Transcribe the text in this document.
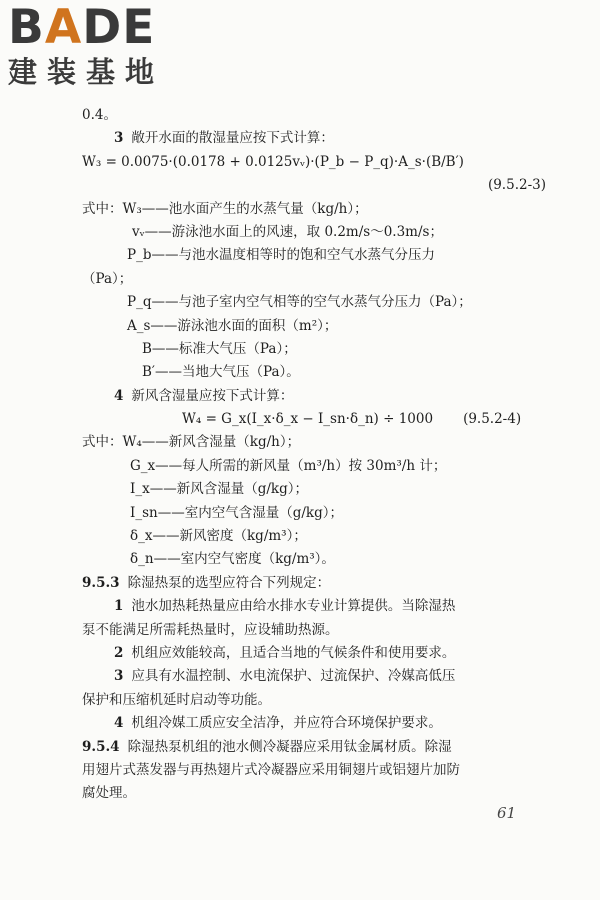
BADE
建装基地
0.4。
3 敞开水面的散湿量应按下式计算：
W₃ = 0.0075·(0.0178 + 0.0125vᵥ)·(P_b − P_q)·A_s·(B/B′)
(9.5.2-3)
式中：W₃——池水面产生的水蒸气量（kg/h）；
vᵥ——游泳池水面上的风速，取 0.2m/s～0.3m/s；
P_b——与池水温度相等时的饱和空气水蒸气分压力
（Pa）；
P_q——与池子室内空气相等的空气水蒸气分压力（Pa）；
A_s——游泳池水面的面积（m²）；
B——标准大气压（Pa）；
B′——当地大气压（Pa）。
4 新风含湿量应按下式计算：
W₄ = G_x(I_x·δ_x − I_sn·δ_n) ÷ 1000 (9.5.2-4)
式中：W₄——新风含湿量（kg/h）；
G_x——每人所需的新风量（m³/h）按 30m³/h 计；
I_x——新风含湿量（g/kg）；
I_sn——室内空气含湿量（g/kg）；
δ_x——新风密度（kg/m³）；
δ_n——室内空气密度（kg/m³）。
9.5.3 除湿热泵的选型应符合下列规定：
1 池水加热耗热量应由给水排水专业计算提供。当除湿热
泵不能满足所需耗热量时，应设辅助热源。
2 机组应效能较高，且适合当地的气候条件和使用要求。
3 应具有水温控制、水电流保护、过流保护、冷媒高低压
保护和压缩机延时启动等功能。
4 机组冷媒工质应安全洁净，并应符合环境保护要求。
9.5.4 除湿热泵机组的池水侧冷凝器应采用钛金属材质。除湿
用翅片式蒸发器与再热翅片式冷凝器应采用铜翅片或铝翅片加防
腐处理。
61
